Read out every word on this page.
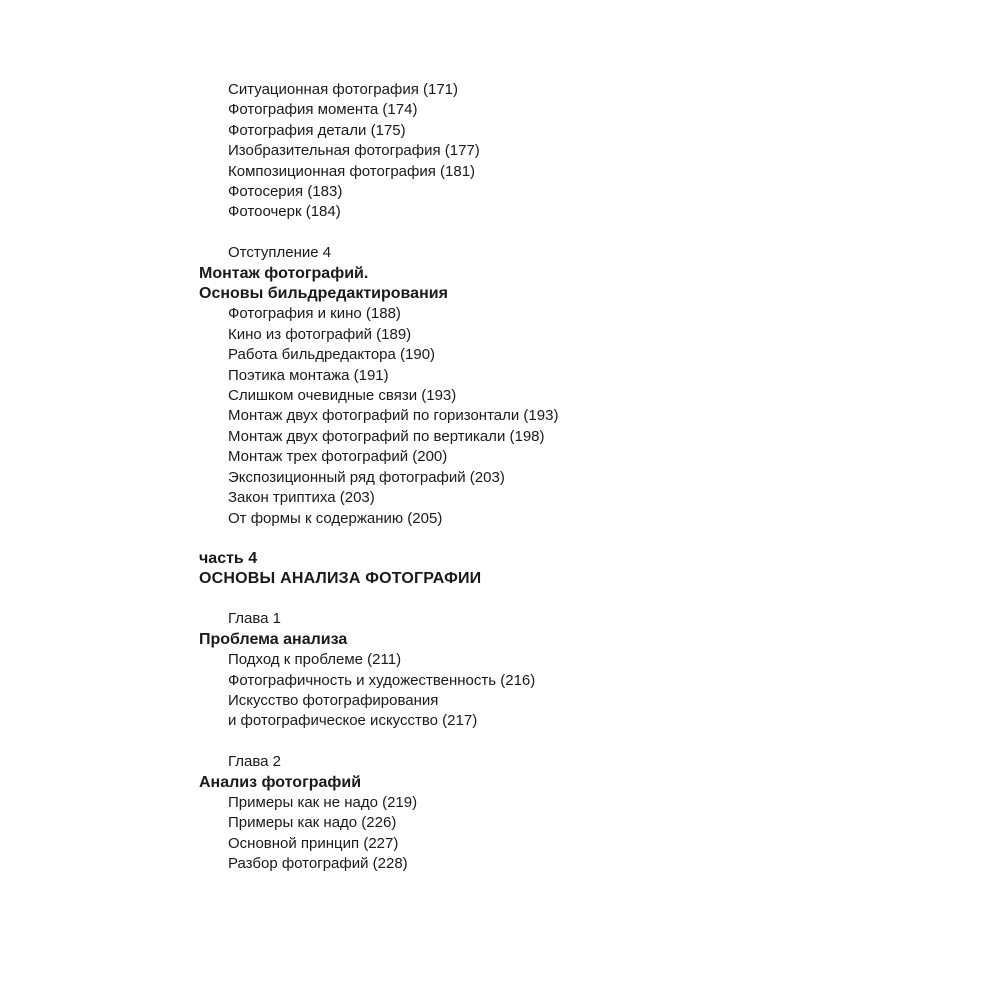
Ситуационная фотография (171)
Фотография момента (174)
Фотография детали (175)
Изобразительная фотография (177)
Композиционная фотография (181)
Фотосерия (183)
Фотоочерк (184)
Отступление 4
Монтаж фотографий.
Основы бильдредактирования
Фотография и кино (188)
Кино из фотографий (189)
Работа бильдредактора (190)
Поэтика монтажа (191)
Слишком очевидные связи (193)
Монтаж двух фотографий по горизонтали (193)
Монтаж двух фотографий по вертикали (198)
Монтаж трех фотографий (200)
Экспозиционный ряд фотографий (203)
Закон триптиха (203)
От формы к содержанию (205)
часть 4
ОСНОВЫ АНАЛИЗА ФОТОГРАФИИ
Глава 1
Проблема анализа
Подход к проблеме (211)
Фотографичность и художественность (216)
Искусство фотографирования
и фотографическое искусство (217)
Глава 2
Анализ фотографий
Примеры как не надо (219)
Примеры как надо (226)
Основной принцип (227)
Разбор фотографий (228)
